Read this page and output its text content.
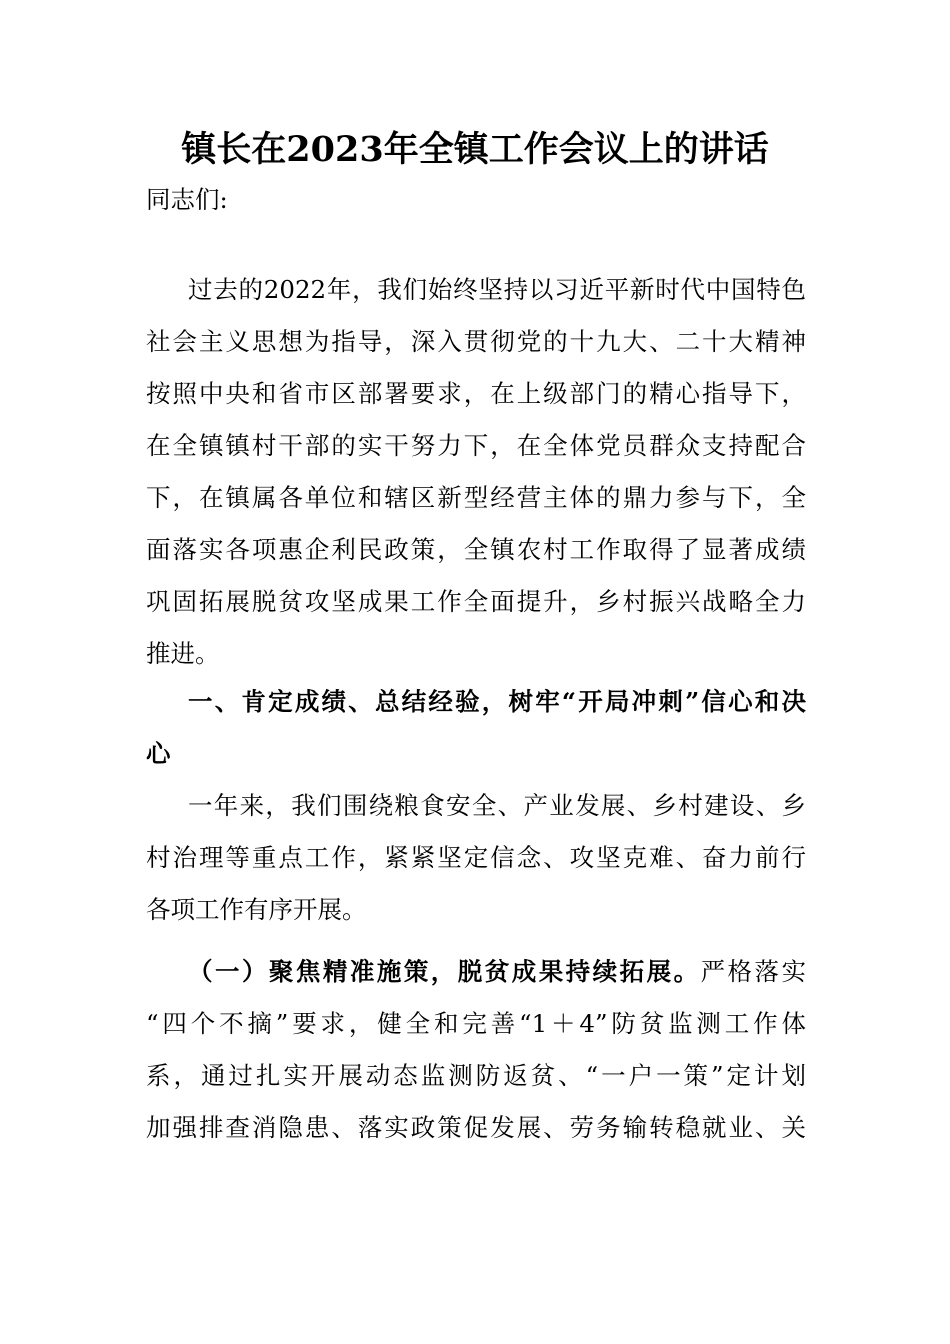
镇长在2023年全镇工作会议上的讲话
同志们:
过去的2022年，我们始终坚持以习近平新时代中国特色
社会主义思想为指导，深入贯彻党的十九大、二十大精神
按照中央和省市区部署要求，在上级部门的精心指导下，
在全镇镇村干部的实干努力下，在全体党员群众支持配合
下，在镇属各单位和辖区新型经营主体的鼎力参与下，全
面落实各项惠企利民政策，全镇农村工作取得了显著成绩
巩固拓展脱贫攻坚成果工作全面提升，乡村振兴战略全力
推进。
一、肯定成绩、总结经验，树牢“开局冲刺”信心和决
心
一年来，我们围绕粮食安全、产业发展、乡村建设、乡
村治理等重点工作，紧紧坚定信念、攻坚克难、奋力前行
各项工作有序开展。
（一）聚焦精准施策，脱贫成果持续拓展。严格落实
“四个不摘”要求，健全和完善“1＋4”防贫监测工作体
系，通过扎实开展动态监测防返贫、“一户一策”定计划
加强排查消隐患、落实政策促发展、劳务输转稳就业、关
